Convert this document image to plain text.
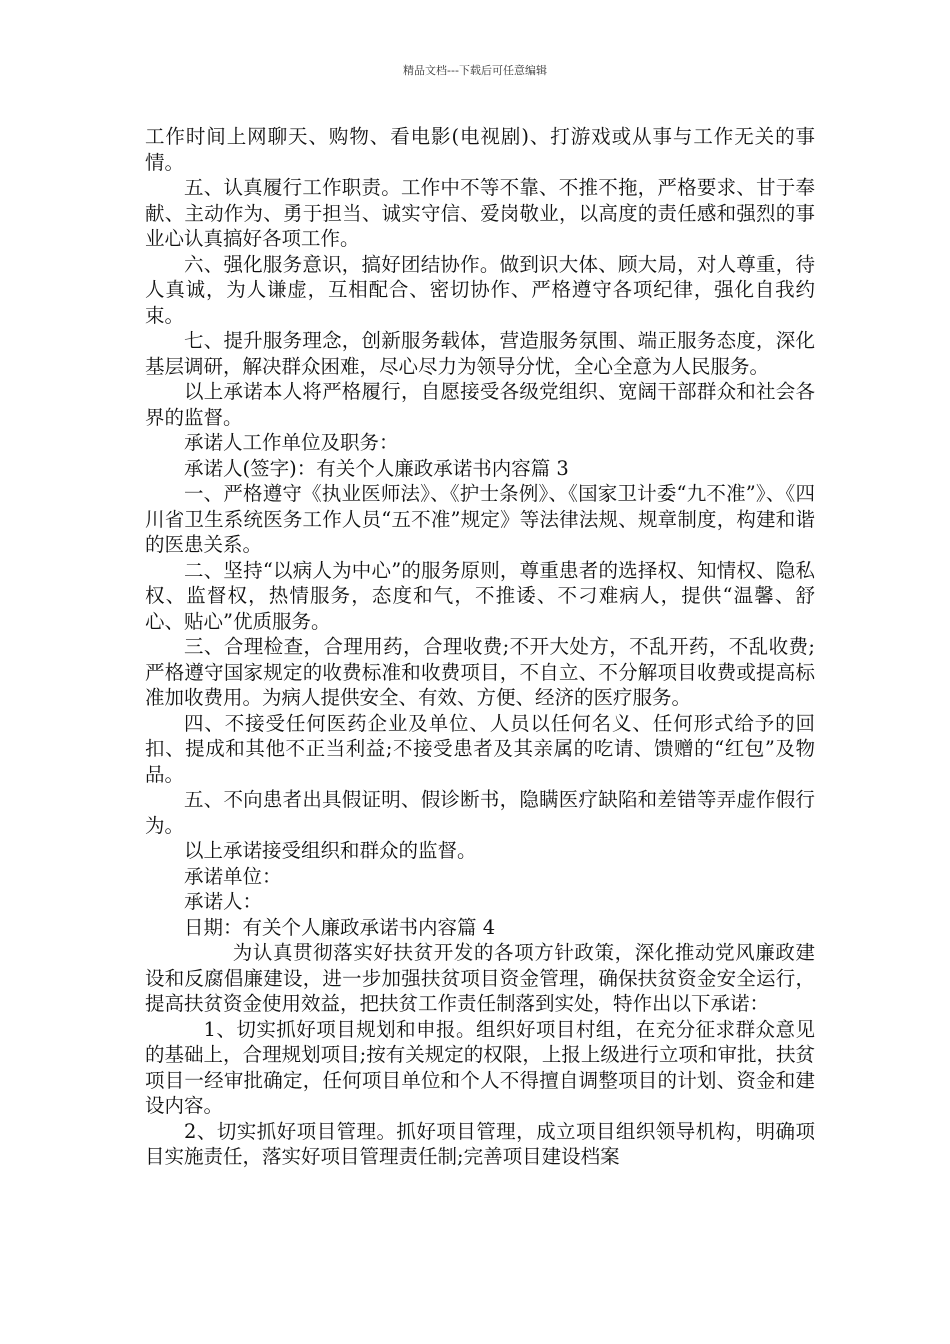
精品文档---下载后可任意编辑

工作时间上网聊天、购物、看电影(电视剧)、打游戏或从事与工作无关的事情。

五、认真履行工作职责。工作中不等不靠、不推不拖，严格要求、甘于奉献、主动作为、勇于担当、诚实守信、爱岗敬业，以高度的责任感和强烈的事业心认真搞好各项工作。

六、强化服务意识，搞好团结协作。做到识大体、顾大局，对人尊重，待人真诚，为人谦虚，互相配合、密切协作、严格遵守各项纪律，强化自我约束。

七、提升服务理念，创新服务载体，营造服务氛围、端正服务态度，深化基层调研，解决群众困难，尽心尽力为领导分忧，全心全意为人民服务。

以上承诺本人将严格履行，自愿接受各级党组织、宽阔干部群众和社会各界的监督。

承诺人工作单位及职务：

承诺人(签字)：有关个人廉政承诺书内容篇 3

一、严格遵守《执业医师法》、《护士条例》、《国家卫计委“九不准”》、《四川省卫生系统医务工作人员“五不准”规定》等法律法规、规章制度，构建和谐的医患关系。

二、坚持“以病人为中心”的服务原则，尊重患者的选择权、知情权、隐私权、监督权，热情服务，态度和气，不推诿、不刁难病人，提供“温馨、舒心、贴心”优质服务。

三、合理检查，合理用药，合理收费;不开大处方，不乱开药，不乱收费;严格遵守国家规定的收费标准和收费项目，不自立、不分解项目收费或提高标准加收费用。为病人提供安全、有效、方便、经济的医疗服务。

四、不接受任何医药企业及单位、人员以任何名义、任何形式给予的回扣、提成和其他不正当利益;不接受患者及其亲属的吃请、馈赠的“红包”及物品。

五、不向患者出具假证明、假诊断书，隐瞒医疗缺陷和差错等弄虚作假行为。

以上承诺接受组织和群众的监督。

承诺单位：

承诺人：

日期：有关个人廉政承诺书内容篇 4

为认真贯彻落实好扶贫开发的各项方针政策，深化推动党风廉政建设和反腐倡廉建设，进一步加强扶贫项目资金管理，确保扶贫资金安全运行，提高扶贫资金使用效益，把扶贫工作责任制落到实处，特作出以下承诺：

1、切实抓好项目规划和申报。组织好项目村组，在充分征求群众意见的基础上，合理规划项目;按有关规定的权限，上报上级进行立项和审批，扶贫项目一经审批确定，任何项目单位和个人不得擅自调整项目的计划、资金和建设内容。

2、切实抓好项目管理。抓好项目管理，成立项目组织领导机构，明确项目实施责任，落实好项目管理责任制;完善项目建设档案
